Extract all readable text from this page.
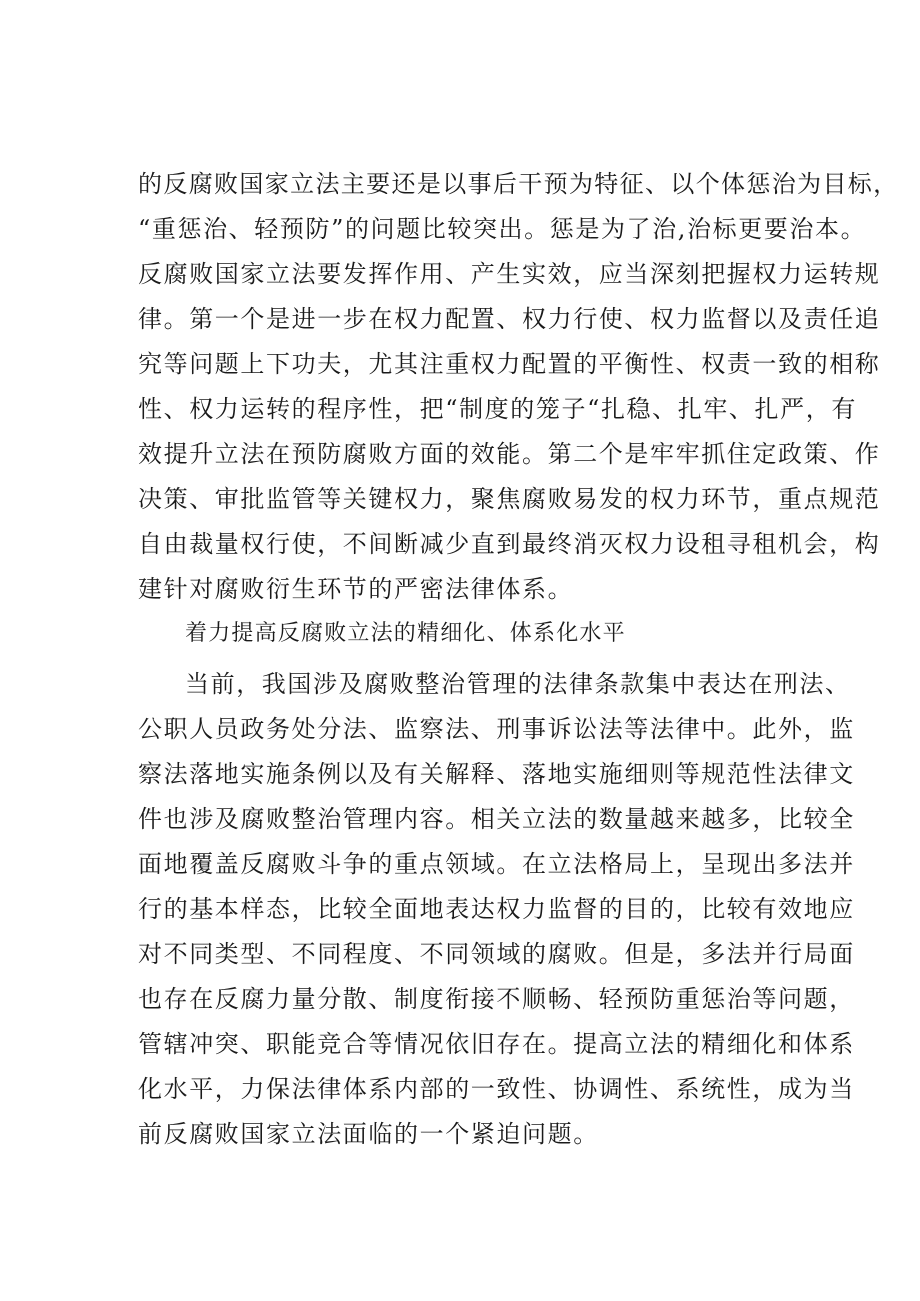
的反腐败国家立法主要还是以事后干预为特征、以个体惩治为目标，
“重惩治、轻预防”的问题比较突出。惩是为了治,治标更要治本。
反腐败国家立法要发挥作用、产生实效，应当深刻把握权力运转规
律。第一个是进一步在权力配置、权力行使、权力监督以及责任追
究等问题上下功夫，尤其注重权力配置的平衡性、权责一致的相称
性、权力运转的程序性，把“制度的笼子“扎稳、扎牢、扎严，有
效提升立法在预防腐败方面的效能。第二个是牢牢抓住定政策、作
决策、审批监管等关键权力，聚焦腐败易发的权力环节，重点规范
自由裁量权行使，不间断减少直到最终消灭权力设租寻租机会，构
建针对腐败衍生环节的严密法律体系。
着力提高反腐败立法的精细化、体系化水平
当前，我国涉及腐败整治管理的法律条款集中表达在刑法、
公职人员政务处分法、监察法、刑事诉讼法等法律中。此外，监
察法落地实施条例以及有关解释、落地实施细则等规范性法律文
件也涉及腐败整治管理内容。相关立法的数量越来越多，比较全
面地覆盖反腐败斗争的重点领域。在立法格局上，呈现出多法并
行的基本样态，比较全面地表达权力监督的目的，比较有效地应
对不同类型、不同程度、不同领域的腐败。但是，多法并行局面
也存在反腐力量分散、制度衔接不顺畅、轻预防重惩治等问题，
管辖冲突、职能竞合等情况依旧存在。提高立法的精细化和体系
化水平，力保法律体系内部的一致性、协调性、系统性，成为当
前反腐败国家立法面临的一个紧迫问题。
